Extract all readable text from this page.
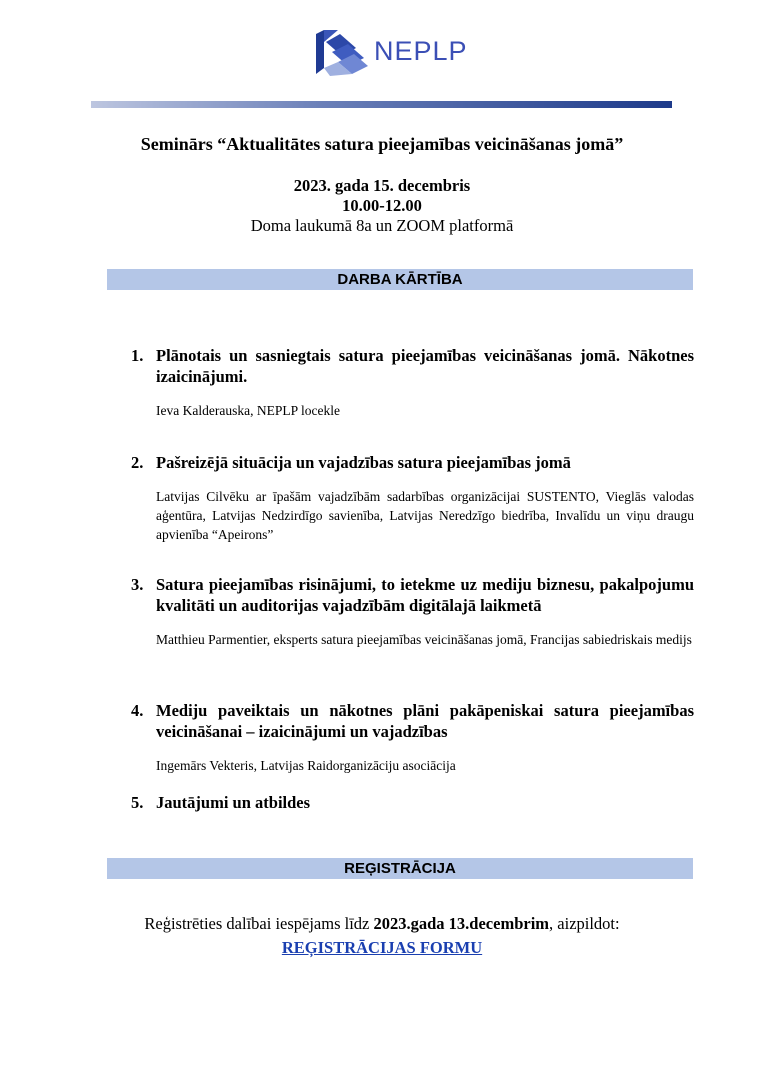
NEPLP
Seminārs “Aktualitātes satura pieejamības veicināšanas jomā”
2023. gada 15. decembris
10.00-12.00
Doma laukumā 8a un ZOOM platformā
DARBA KĀRTĪBA
1. Plānotais un sasniegtais satura pieejamības veicināšanas jomā. Nākotnes izaicinājumi.
Ieva Kalderauska, NEPLP locekle
2. Pašreizējā situācija un vajadzības satura pieejamības jomā
Latvijas Cilvēku ar īpašām vajadzībām sadarbības organizācijai SUSTENTO, Vieglās valodas aģentūra, Latvijas Nedzirdīgo savienība, Latvijas Neredzīgo biedrība, Invalīdu un viņu draugu apvienība “Apeirons”
3. Satura pieejamības risinājumi, to ietekme uz mediju biznesu, pakalpojumu kvalitāti un auditorijas vajadzībām digitālajā laikmetā
Matthieu Parmentier, eksperts satura pieejamības veicināšanas jomā, Francijas sabiedriskais medijs
4. Mediju paveiktais un nākotnes plāni pakāpeniskai satura pieejamības veicināšanai – izaicinājumi un vajadzības
Ingemārs Vekteris, Latvijas Raidorganizāciju asociācija
5. Jautājumi un atbildes
REĢISTRĀCIJA
Reģistrēties dalībai iespējams līdz 2023.gada 13.decembrim, aizpildot:
REĢISTRĀCIJAS FORMU
